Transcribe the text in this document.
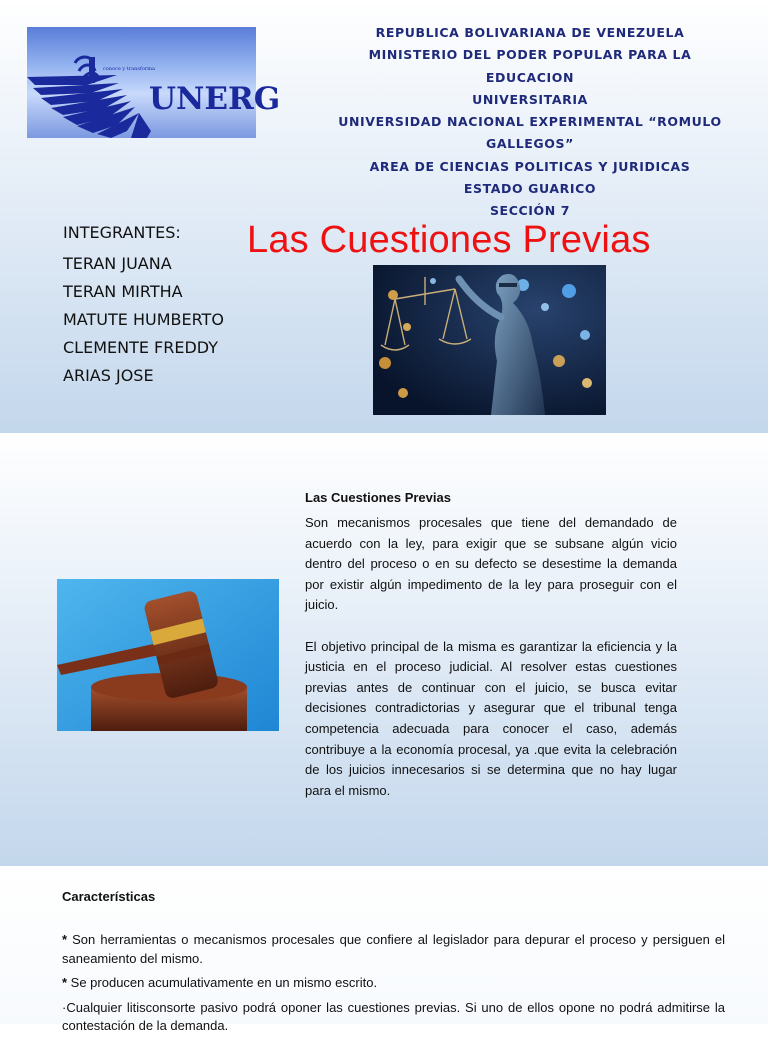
conoce y transforma
UNERG
REPUBLICA BOLIVARIANA DE VENEZUELA
MINISTERIO DEL PODER POPULAR PARA LA EDUCACION
UNIVERSITARIA
UNIVERSIDAD NACIONAL EXPERIMENTAL “ROMULO
GALLEGOS”
AREA DE CIENCIAS POLITICAS Y JURIDICAS
ESTADO GUARICO
SECCIÓN 7
INTEGRANTES:
TERAN JUANA
TERAN MIRTHA
MATUTE HUMBERTO
CLEMENTE FREDDY
ARIAS JOSE
Las Cuestiones Previas
Las Cuestiones Previas

Son mecanismos procesales que tiene del demandado de acuerdo con la ley, para exigir que se subsane algún vicio dentro del proceso o en su defecto se desestime la demanda por existir algún impedimento de la ley para proseguir con el juicio.

El objetivo principal de la misma es garantizar la eficiencia y la justicia en el proceso judicial. Al resolver estas cuestiones previas antes de continuar con el juicio, se busca evitar decisiones contradictorias y asegurar que el tribunal tenga competencia adecuada para conocer el caso, además contribuye a la economía procesal, ya .que evita la celebración de los juicios innecesarios si se determina que no hay lugar para el mismo.

Características

* Son herramientas o mecanismos procesales que confiere al legislador para depurar el proceso y persiguen el saneamiento del mismo.

* Se producen acumulativamente en un mismo escrito.

·Cualquier litisconsorte pasivo podrá oponer las cuestiones previas. Si uno de ellos opone no podrá admitirse la contestación de la demanda.
